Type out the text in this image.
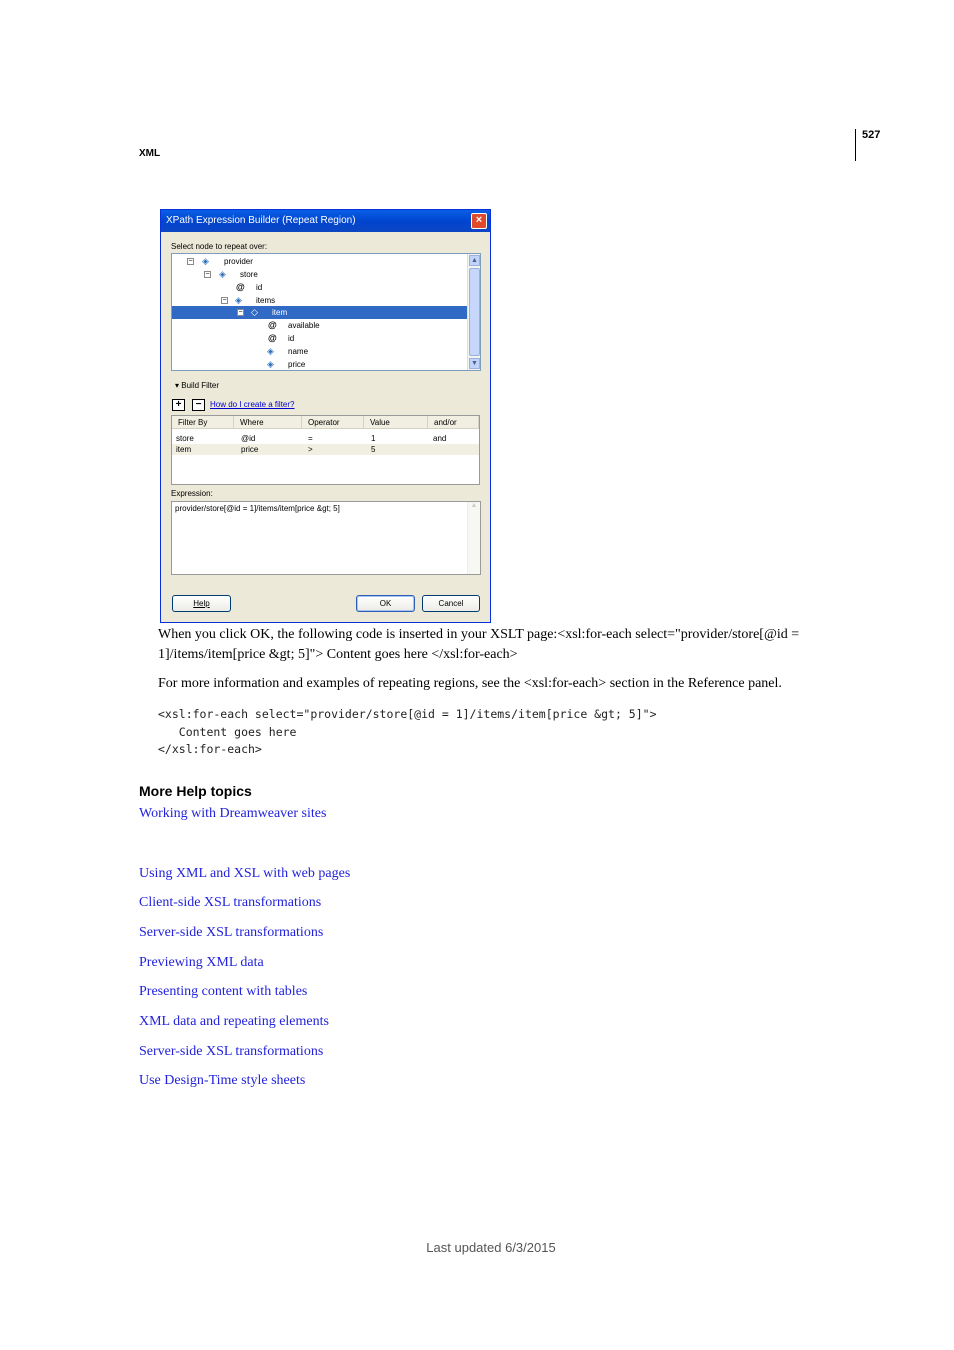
527
XML
XPath Expression Builder (Repeat Region)	×
Select node to repeat over:
− ◈ provider
− ◈ store
@ id
− ◈ items
− ◇ item
@ available
@ id
◈ name
◈ price
▲
▼
▾ Build Filter
+	−	How do I create a filter?
Filter By	Where	Operator	Value	and/or
store	@id	=	1	and
item	price	>	5
Expression:
provider/store[@id = 1]/items/item[price &gt; 5]	▲
Help	OK	Cancel
When you click OK, the following code is inserted in your XSLT page:<xsl:for-each select="provider/store[@id = 1]/items/item[price &gt; 5]"> Content goes here </xsl:for-each>
For more information and examples of repeating regions, see the <xsl:for-each> section in the Reference panel.
<xsl:for-each select="provider/store[@id = 1]/items/item[price &gt; 5]">
Content goes here
</xsl:for-each>
More Help topics
Working with Dreamweaver sites
Using XML and XSL with web pages
Client-side XSL transformations
Server-side XSL transformations
Previewing XML data
Presenting content with tables
XML data and repeating elements
Server-side XSL transformations
Use Design-Time style sheets
Last updated 6/3/2015
